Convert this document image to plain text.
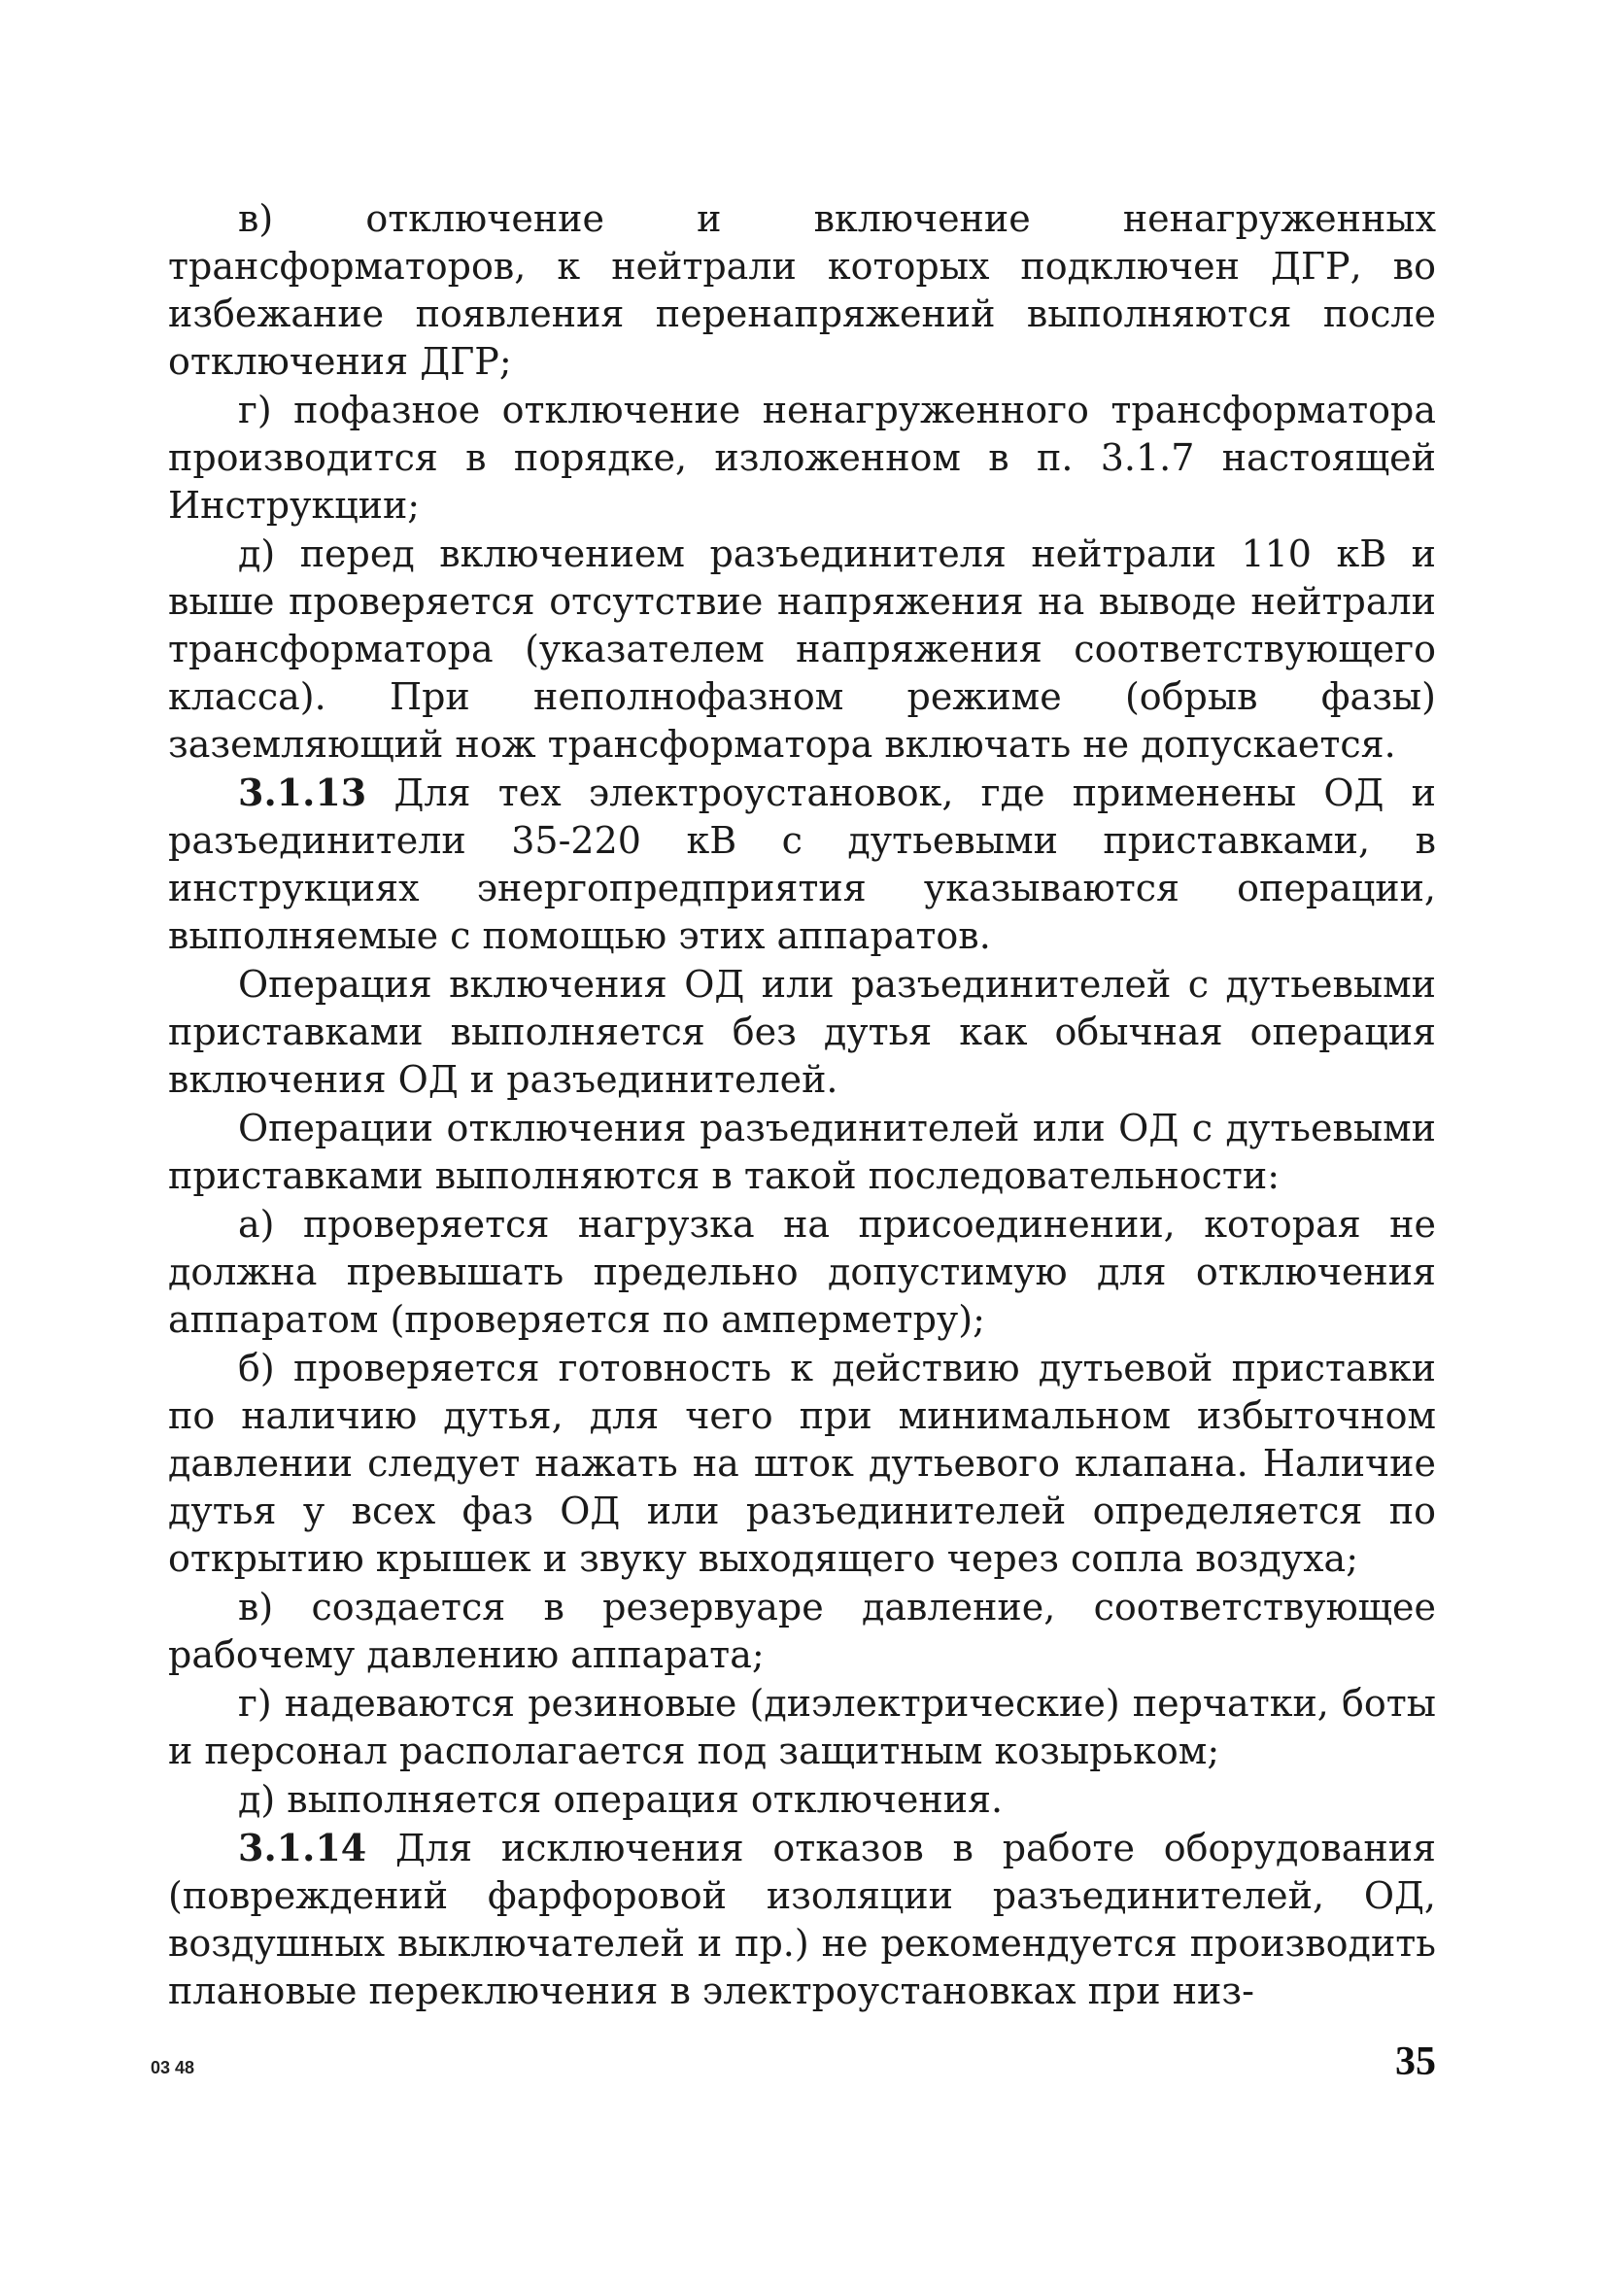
в) отключение и включение ненагруженных трансформаторов, к нейтрали которых подключен ДГР, во избежание появления перенапряжений выполняются после отключения ДГР;

г) пофазное отключение ненагруженного трансформатора производится в порядке, изложенном в п. 3.1.7 настоящей Инструкции;

д) перед включением разъединителя нейтрали 110 кВ и выше проверяется отсутствие напряжения на выводе нейтрали трансформатора (указателем напряжения соответствующего класса). При неполнофазном режиме (обрыв фазы) заземляющий нож трансформатора включать не допускается.

3.1.13 Для тех электроустановок, где применены ОД и разъединители 35-220 кВ с дутьевыми приставками, в инструкциях энергопредприятия указываются операции, выполняемые с помощью этих аппаратов.

Операция включения ОД или разъединителей с дутьевыми приставками выполняется без дутья как обычная операция включения ОД и разъединителей.

Операции отключения разъединителей или ОД с дутьевыми приставками выполняются в такой последовательности:

а) проверяется нагрузка на присоединении, которая не должна превышать предельно допустимую для отключения аппаратом (проверяется по амперметру);

б) проверяется готовность к действию дутьевой приставки по наличию дутья, для чего при минимальном избыточном давлении следует нажать на шток дутьевого клапана. Наличие дутья у всех фаз ОД или разъединителей определяется по открытию крышек и звуку выходящего через сопла воздуха;

в) создается в резервуаре давление, соответствующее рабочему давлению аппарата;

г) надеваются резиновые (диэлектрические) перчатки, боты и персонал располагается под защитным козырьком;

д) выполняется операция отключения.

3.1.14 Для исключения отказов в работе оборудования (повреждений фарфоровой изоляции разъединителей, ОД, воздушных выключателей и пр.) не рекомендуется производить плановые переключения в электроустановках при низ-

03 48	35
